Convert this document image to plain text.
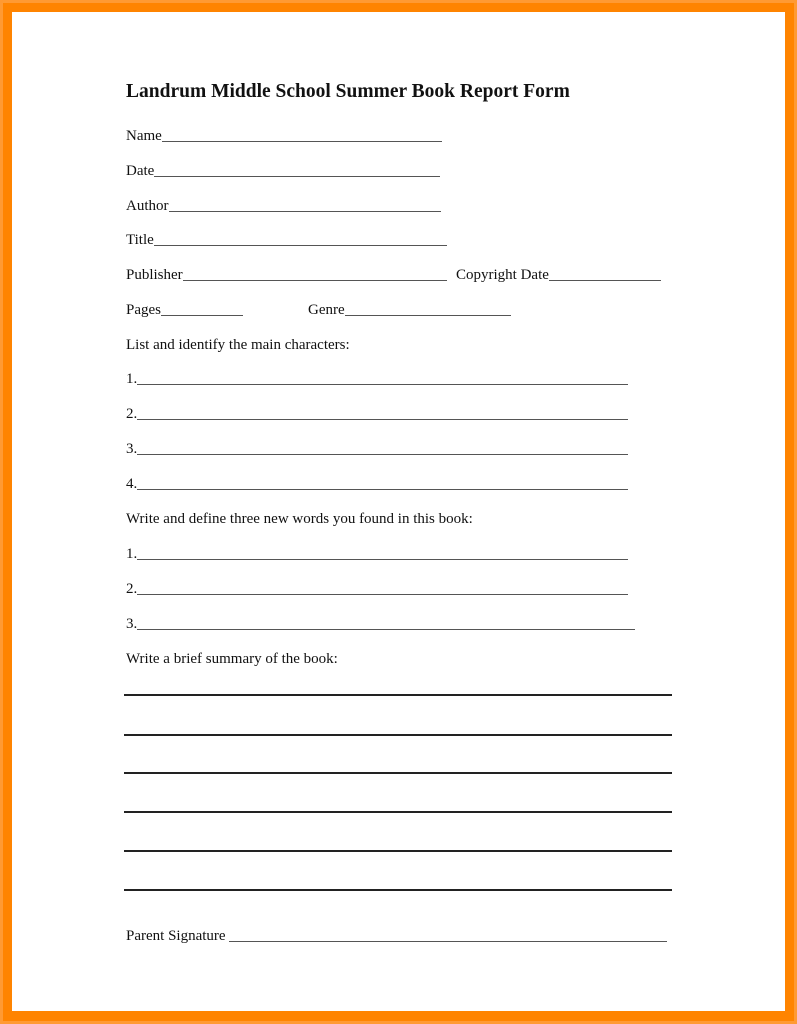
Landrum Middle School Summer Book Report Form
Name
Date
Author
Title
Publisher	Copyright Date
Pages	Genre
List and identify the main characters:
1.
2.
3.
4.
Write and define three new words you found in this book:
1.
2.
3.
Write a brief summary of the book:
Parent Signature
